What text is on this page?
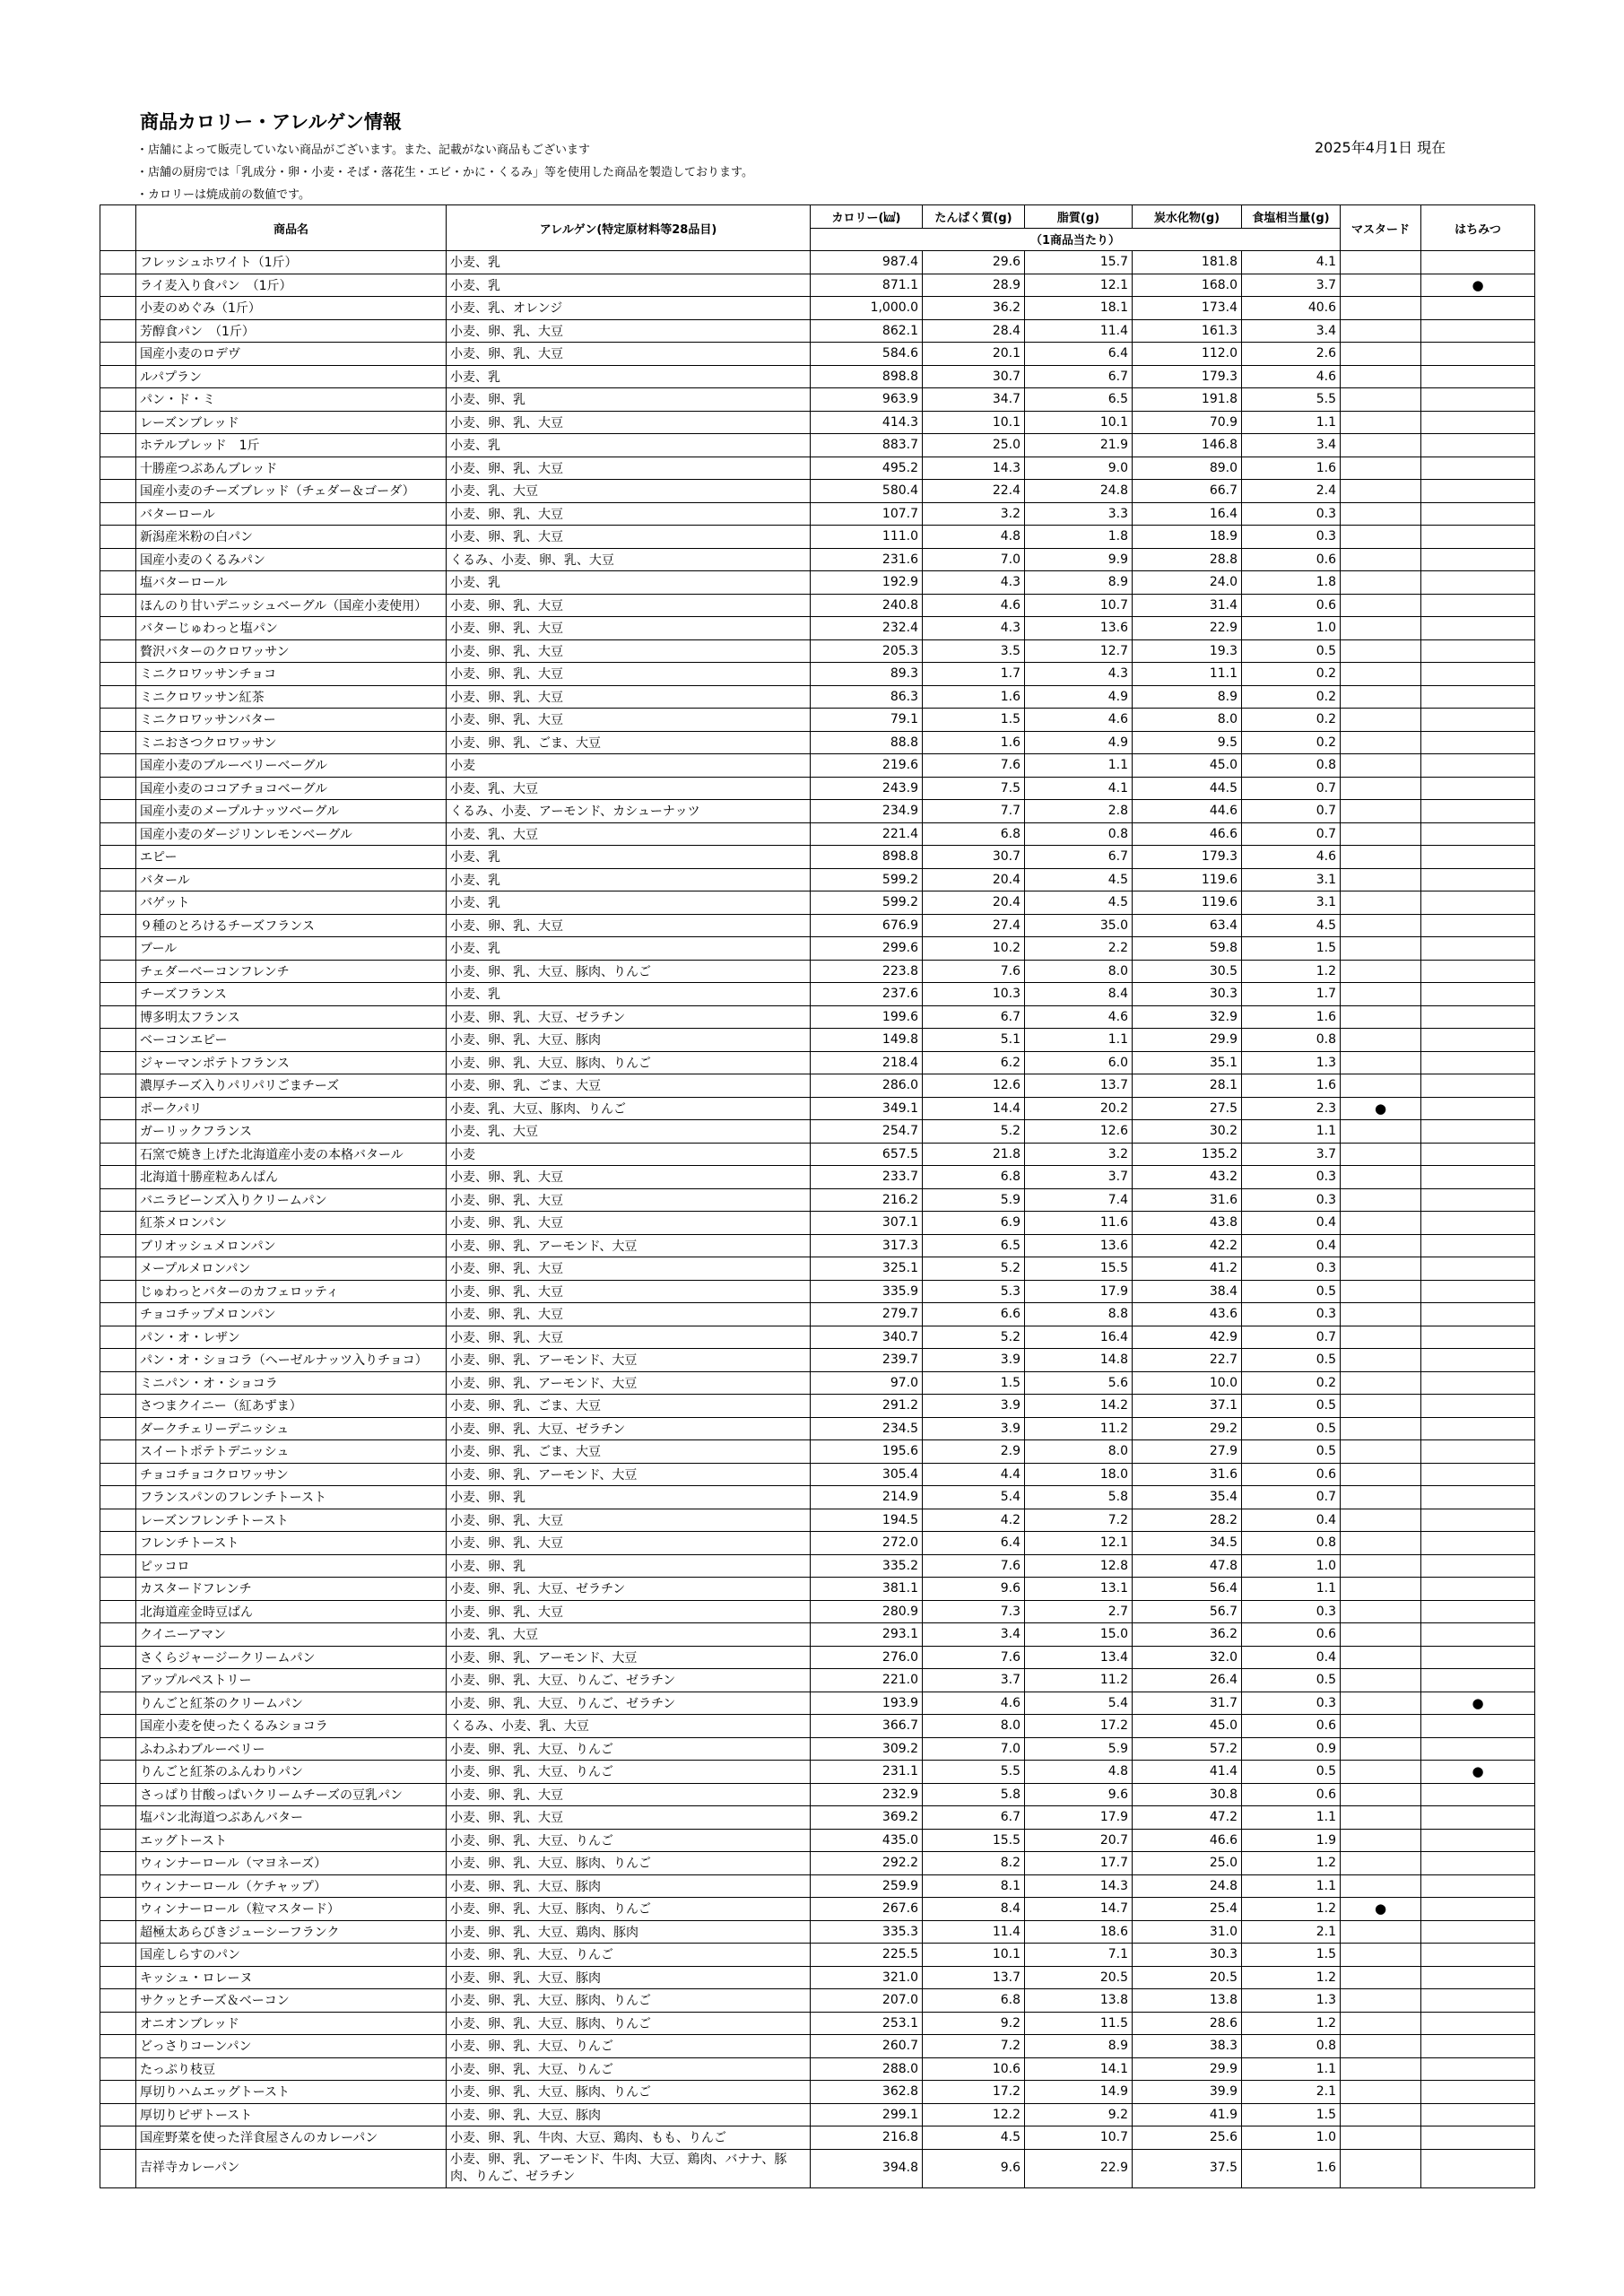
商品カロリー・アレルゲン情報
・店舗によって販売していない商品がございます。また、記載がない商品もございます
・店舗の厨房では「乳成分・卵・小麦・そば・落花生・エビ・かに・くるみ」等を使用した商品を製造しております。
・カロリーは焼成前の数値です。
2025年4月1日 現在
	商品名	アレルゲン(特定原材料等28品目)	カロリー(㎉)	たんぱく質(g)	脂質(g)	炭水化物(g)	食塩相当量(g)	マスタード	はちみつ
			（1商品当たり）						
	フレッシュホワイト（1斤）	小麦、乳	987.4	29.6	15.7	181.8	4.1		
	ライ麦入り食パン　（1斤）	小麦、乳	871.1	28.9	12.1	168.0	3.7		●
	小麦のめぐみ（1斤）	小麦、乳、オレンジ	1,000.0	36.2	18.1	173.4	40.6		
	芳醇食パン　（1斤）	小麦、卵、乳、大豆	862.1	28.4	11.4	161.3	3.4		
	国産小麦のロデヴ	小麦、卵、乳、大豆	584.6	20.1	6.4	112.0	2.6		
	ルパプラン	小麦、乳	898.8	30.7	6.7	179.3	4.6		
	パン・ド・ミ	小麦、卵、乳	963.9	34.7	6.5	191.8	5.5		
	レーズンブレッド	小麦、卵、乳、大豆	414.3	10.1	10.1	70.9	1.1		
	ホテルブレッド　1斤	小麦、乳	883.7	25.0	21.9	146.8	3.4		
	十勝産つぶあんブレッド	小麦、卵、乳、大豆	495.2	14.3	9.0	89.0	1.6		
	国産小麦のチーズブレッド（チェダー＆ゴーダ）	小麦、乳、大豆	580.4	22.4	24.8	66.7	2.4		
	バターロール	小麦、卵、乳、大豆	107.7	3.2	3.3	16.4	0.3		
	新潟産米粉の白パン	小麦、卵、乳、大豆	111.0	4.8	1.8	18.9	0.3		
	国産小麦のくるみパン	くるみ、小麦、卵、乳、大豆	231.6	7.0	9.9	28.8	0.6		
	塩バターロール	小麦、乳	192.9	4.3	8.9	24.0	1.8		
	ほんのり甘いデニッシュベーグル（国産小麦使用）	小麦、卵、乳、大豆	240.8	4.6	10.7	31.4	0.6		
	バターじゅわっと塩パン	小麦、卵、乳、大豆	232.4	4.3	13.6	22.9	1.0		
	贅沢バターのクロワッサン	小麦、卵、乳、大豆	205.3	3.5	12.7	19.3	0.5		
	ミニクロワッサンチョコ	小麦、卵、乳、大豆	89.3	1.7	4.3	11.1	0.2		
	ミニクロワッサン紅茶	小麦、卵、乳、大豆	86.3	1.6	4.9	8.9	0.2		
	ミニクロワッサンバター	小麦、卵、乳、大豆	79.1	1.5	4.6	8.0	0.2		
	ミニおさつクロワッサン	小麦、卵、乳、ごま、大豆	88.8	1.6	4.9	9.5	0.2		
	国産小麦のブルーベリーベーグル	小麦	219.6	7.6	1.1	45.0	0.8		
	国産小麦のココアチョコベーグル	小麦、乳、大豆	243.9	7.5	4.1	44.5	0.7		
	国産小麦のメープルナッツベーグル	くるみ、小麦、アーモンド、カシューナッツ	234.9	7.7	2.8	44.6	0.7		
	国産小麦のダージリンレモンベーグル	小麦、乳、大豆	221.4	6.8	0.8	46.6	0.7		
	エピー	小麦、乳	898.8	30.7	6.7	179.3	4.6		
	バタール	小麦、乳	599.2	20.4	4.5	119.6	3.1		
	バゲット	小麦、乳	599.2	20.4	4.5	119.6	3.1		
	９種のとろけるチーズフランス	小麦、卵、乳、大豆	676.9	27.4	35.0	63.4	4.5		
	ブール	小麦、乳	299.6	10.2	2.2	59.8	1.5		
	チェダーベーコンフレンチ	小麦、卵、乳、大豆、豚肉、りんご	223.8	7.6	8.0	30.5	1.2		
	チーズフランス	小麦、乳	237.6	10.3	8.4	30.3	1.7		
	博多明太フランス	小麦、卵、乳、大豆、ゼラチン	199.6	6.7	4.6	32.9	1.6		
	ベーコンエピー	小麦、卵、乳、大豆、豚肉	149.8	5.1	1.1	29.9	0.8		
	ジャーマンポテトフランス	小麦、卵、乳、大豆、豚肉、りんご	218.4	6.2	6.0	35.1	1.3		
	濃厚チーズ入りパリパリごまチーズ	小麦、卵、乳、ごま、大豆	286.0	12.6	13.7	28.1	1.6		
	ポークパリ	小麦、乳、大豆、豚肉、りんご	349.1	14.4	20.2	27.5	2.3	●	
	ガーリックフランス	小麦、乳、大豆	254.7	5.2	12.6	30.2	1.1		
	石窯で焼き上げた北海道産小麦の本格バタール	小麦	657.5	21.8	3.2	135.2	3.7		
	北海道十勝産粒あんぱん	小麦、卵、乳、大豆	233.7	6.8	3.7	43.2	0.3		
	バニラビーンズ入りクリームパン	小麦、卵、乳、大豆	216.2	5.9	7.4	31.6	0.3		
	紅茶メロンパン	小麦、卵、乳、大豆	307.1	6.9	11.6	43.8	0.4		
	ブリオッシュメロンパン	小麦、卵、乳、アーモンド、大豆	317.3	6.5	13.6	42.2	0.4		
	メープルメロンパン	小麦、卵、乳、大豆	325.1	5.2	15.5	41.2	0.3		
	じゅわっとバターのカフェロッティ	小麦、卵、乳、大豆	335.9	5.3	17.9	38.4	0.5		
	チョコチップメロンパン	小麦、卵、乳、大豆	279.7	6.6	8.8	43.6	0.3		
	パン・オ・レザン	小麦、卵、乳、大豆	340.7	5.2	16.4	42.9	0.7		
	パン・オ・ショコラ（ヘーゼルナッツ入りチョコ）	小麦、卵、乳、アーモンド、大豆	239.7	3.9	14.8	22.7	0.5		
	ミニパン・オ・ショコラ	小麦、卵、乳、アーモンド、大豆	97.0	1.5	5.6	10.0	0.2		
	さつまクイニー（紅あずま）	小麦、卵、乳、ごま、大豆	291.2	3.9	14.2	37.1	0.5		
	ダークチェリーデニッシュ	小麦、卵、乳、大豆、ゼラチン	234.5	3.9	11.2	29.2	0.5		
	スイートポテトデニッシュ	小麦、卵、乳、ごま、大豆	195.6	2.9	8.0	27.9	0.5		
	チョコチョコクロワッサン	小麦、卵、乳、アーモンド、大豆	305.4	4.4	18.0	31.6	0.6		
	フランスパンのフレンチトースト	小麦、卵、乳	214.9	5.4	5.8	35.4	0.7		
	レーズンフレンチトースト	小麦、卵、乳、大豆	194.5	4.2	7.2	28.2	0.4		
	フレンチトースト	小麦、卵、乳、大豆	272.0	6.4	12.1	34.5	0.8		
	ピッコロ	小麦、卵、乳	335.2	7.6	12.8	47.8	1.0		
	カスタードフレンチ	小麦、卵、乳、大豆、ゼラチン	381.1	9.6	13.1	56.4	1.1		
	北海道産金時豆ぱん	小麦、卵、乳、大豆	280.9	7.3	2.7	56.7	0.3		
	クイニーアマン	小麦、乳、大豆	293.1	3.4	15.0	36.2	0.6		
	さくらジャージークリームパン	小麦、卵、乳、アーモンド、大豆	276.0	7.6	13.4	32.0	0.4		
	アップルペストリー	小麦、卵、乳、大豆、りんご、ゼラチン	221.0	3.7	11.2	26.4	0.5		
	りんごと紅茶のクリームパン	小麦、卵、乳、大豆、りんご、ゼラチン	193.9	4.6	5.4	31.7	0.3		●
	国産小麦を使ったくるみショコラ	くるみ、小麦、乳、大豆	366.7	8.0	17.2	45.0	0.6		
	ふわふわブルーベリー	小麦、卵、乳、大豆、りんご	309.2	7.0	5.9	57.2	0.9		
	りんごと紅茶のふんわりパン	小麦、卵、乳、大豆、りんご	231.1	5.5	4.8	41.4	0.5		●
	さっぱり甘酸っぱいクリームチーズの豆乳パン	小麦、卵、乳、大豆	232.9	5.8	9.6	30.8	0.6		
	塩パン北海道つぶあんバター	小麦、卵、乳、大豆	369.2	6.7	17.9	47.2	1.1		
	エッグトースト	小麦、卵、乳、大豆、りんご	435.0	15.5	20.7	46.6	1.9		
	ウィンナーロール（マヨネーズ）	小麦、卵、乳、大豆、豚肉、りんご	292.2	8.2	17.7	25.0	1.2		
	ウィンナーロール（ケチャップ）	小麦、卵、乳、大豆、豚肉	259.9	8.1	14.3	24.8	1.1		
	ウィンナーロール（粒マスタード）	小麦、卵、乳、大豆、豚肉、りんご	267.6	8.4	14.7	25.4	1.2	●	
	超極太あらびきジューシーフランク	小麦、卵、乳、大豆、鶏肉、豚肉	335.3	11.4	18.6	31.0	2.1		
	国産しらすのパン	小麦、卵、乳、大豆、りんご	225.5	10.1	7.1	30.3	1.5		
	キッシュ・ロレーヌ	小麦、卵、乳、大豆、豚肉	321.0	13.7	20.5	20.5	1.2		
	サクッとチーズ＆ベーコン	小麦、卵、乳、大豆、豚肉、りんご	207.0	6.8	13.8	13.8	1.3		
	オニオンブレッド	小麦、卵、乳、大豆、豚肉、りんご	253.1	9.2	11.5	28.6	1.2		
	どっさりコーンパン	小麦、卵、乳、大豆、りんご	260.7	7.2	8.9	38.3	0.8		
	たっぷり枝豆	小麦、卵、乳、大豆、りんご	288.0	10.6	14.1	29.9	1.1		
	厚切りハムエッグトースト	小麦、卵、乳、大豆、豚肉、りんご	362.8	17.2	14.9	39.9	2.1		
	厚切りピザトースト	小麦、卵、乳、大豆、豚肉	299.1	12.2	9.2	41.9	1.5		
	国産野菜を使った洋食屋さんのカレーパン	小麦、卵、乳、牛肉、大豆、鶏肉、もも、りんご	216.8	4.5	10.7	25.6	1.0		
	吉祥寺カレーパン	小麦、卵、乳、アーモンド、牛肉、大豆、鶏肉、バナナ、豚肉、りんご、ゼラチン	394.8	9.6	22.9	37.5	1.6		
